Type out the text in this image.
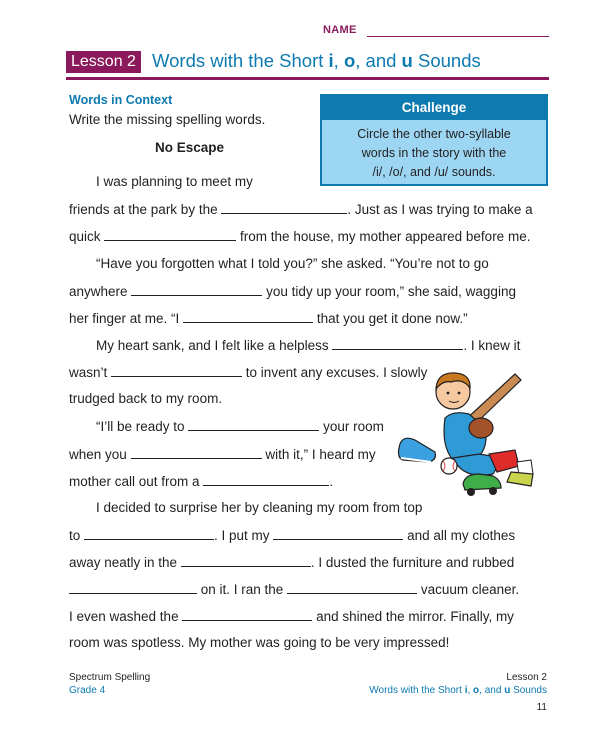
NAME
Lesson 2 Words with the Short i, o, and u Sounds
Words in Context
Write the missing spelling words.
No Escape
Challenge
Circle the other two-syllable
words in the story with the
/i/, /o/, and /u/ sounds.
I was planning to meet my
friends at the park by the	. Just as I was trying to make a
quick	from the house, my mother appeared before me.
“Have you forgotten what I told you?” she asked. “You’re not to go
anywhere	you tidy up your room,” she said, wagging
her finger at me. “I	that you get it done now.”
My heart sank, and I felt like a helpless	. I knew it
wasn’t	to invent any excuses. I slowly
trudged back to my room.
“I’ll be ready to	your room
when you	with it,” I heard my
mother call out from a	.
I decided to surprise her by cleaning my room from top
to	. I put my	and all my clothes
away neatly in the	. I dusted the furniture and rubbed
on it. I ran the	vacuum cleaner.
I even washed the	and shined the mirror. Finally, my
room was spotless. My mother was going to be very impressed!
Spectrum Spelling
Grade 4
Lesson 2
Words with the Short i, o, and u Sounds
11
